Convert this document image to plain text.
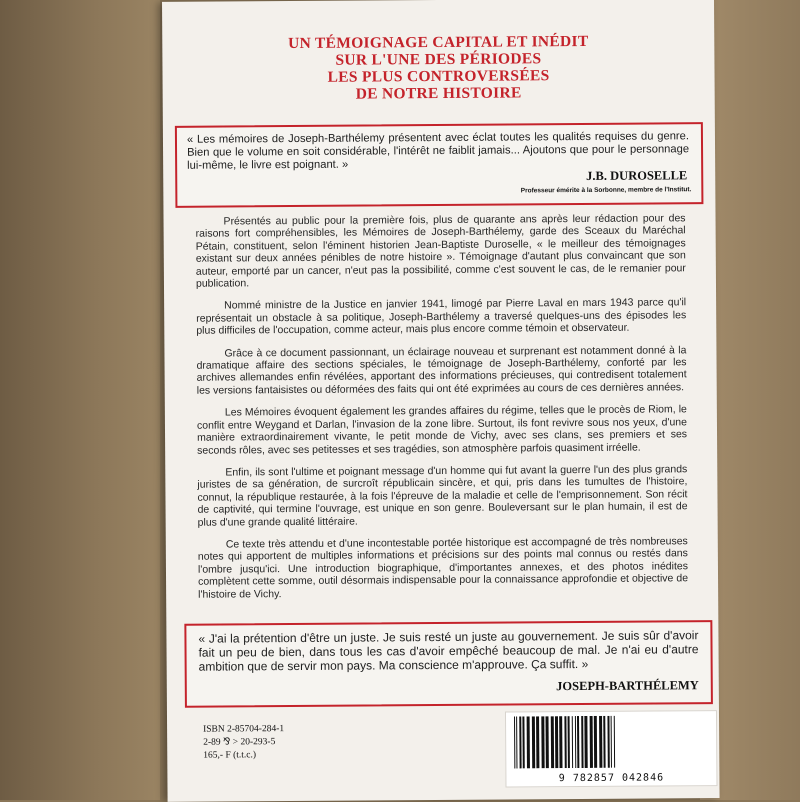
UN TÉMOIGNAGE CAPITAL ET INÉDIT
SUR L'UNE DES PÉRIODES
LES PLUS CONTROVERSÉES
DE NOTRE HISTOIRE
« Les mémoires de Joseph-Barthélemy présentent avec éclat toutes les qualités requises du genre. Bien que le volume en soit considérable, l'intérêt ne faiblit jamais... Ajoutons que pour le personnage lui-même, le livre est poignant. »
J.B. DUROSELLE
Professeur émérite à la Sorbonne, membre de l'Institut.

Présentés au public pour la première fois, plus de quarante ans après leur rédaction pour des raisons fort compréhensibles, les Mémoires de Joseph-Barthélemy, garde des Sceaux du Maréchal Pétain, constituent, selon l'éminent historien Jean-Baptiste Duroselle, « le meilleur des témoignages existant sur deux années pénibles de notre histoire ». Témoignage d'autant plus convaincant que son auteur, emporté par un cancer, n'eut pas la possibilité, comme c'est souvent le cas, de le remanier pour publication.

Nommé ministre de la Justice en janvier 1941, limogé par Pierre Laval en mars 1943 parce qu'il représentait un obstacle à sa politique, Joseph-Barthélemy a traversé quelques-uns des épisodes les plus difficiles de l'occupation, comme acteur, mais plus encore comme témoin et observateur.

Grâce à ce document passionnant, un éclairage nouveau et surprenant est notamment donné à la dramatique affaire des sections spéciales, le témoignage de Joseph-Barthélemy, conforté par les archives allemandes enfin révélées, apportant des informations précieuses, qui contredisent totalement les versions fantaisistes ou déformées des faits qui ont été exprimées au cours de ces dernières années.

Les Mémoires évoquent également les grandes affaires du régime, telles que le procès de Riom, le conflit entre Weygand et Darlan, l'invasion de la zone libre. Surtout, ils font revivre sous nos yeux, d'une manière extraordinairement vivante, le petit monde de Vichy, avec ses clans, ses premiers et ses seconds rôles, avec ses petitesses et ses tragédies, son atmosphère parfois quasiment irréelle.

Enfin, ils sont l'ultime et poignant message d'un homme qui fut avant la guerre l'un des plus grands juristes de sa génération, de surcroît républicain sincère, et qui, pris dans les tumultes de l'histoire, connut, la république restaurée, à la fois l'épreuve de la maladie et celle de l'emprisonnement. Son récit de captivité, qui termine l'ouvrage, est unique en son genre. Bouleversant sur le plan humain, il est de plus d'une grande qualité littéraire.

Ce texte très attendu et d'une incontestable portée historique est accompagné de très nombreuses notes qui apportent de multiples informations et précisions sur des points mal connus ou restés dans l'ombre jusqu'ici. Une introduction biographique, d'importantes annexes, et des photos inédites complètent cette somme, outil désormais indispensable pour la connaissance approfondie et objective de l'histoire de Vichy.

« J'ai la prétention d'être un juste. Je suis resté un juste au gouvernement. Je suis sûr d'avoir fait un peu de bien, dans tous les cas d'avoir empêché beaucoup de mal. Je n'ai eu d'autre ambition que de servir mon pays. Ma conscience m'approuve. Ça suffit. »
JOSEPH-BARTHÉLEMY
ISBN 2-85704-284-1
2-89 ⅋ > 20-293-5
165,- F (t.t.c.)
9 782857 042846
